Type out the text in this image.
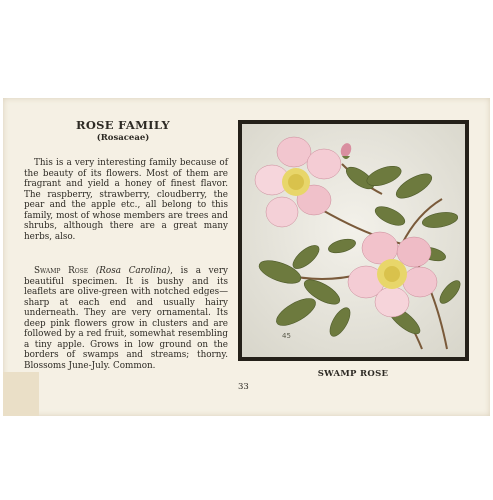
ROSE FAMILY
(Rosaceae)

This is a very interesting family because of the beauty of its flowers. Most of them are fragrant and yield a honey of finest flavor. The raspberry, strawberry, cloudberry, the pear and the apple etc., all belong to this family, most of whose members are trees and shrubs, although there are a great many herbs, also.

Swamp Rose (Rosa Carolina), is a very beautiful specimen. It is bushy and its leaflets are olive-green with notched edges—sharp at each end and usually hairy underneath. They are very ornamental. Its deep pink flowers grow in clusters and are followed by a red fruit, somewhat resembling a tiny apple. Grows in low ground on the borders of swamps and streams; thorny. Blossoms June-July. Common.

33
45
SWAMP ROSE
